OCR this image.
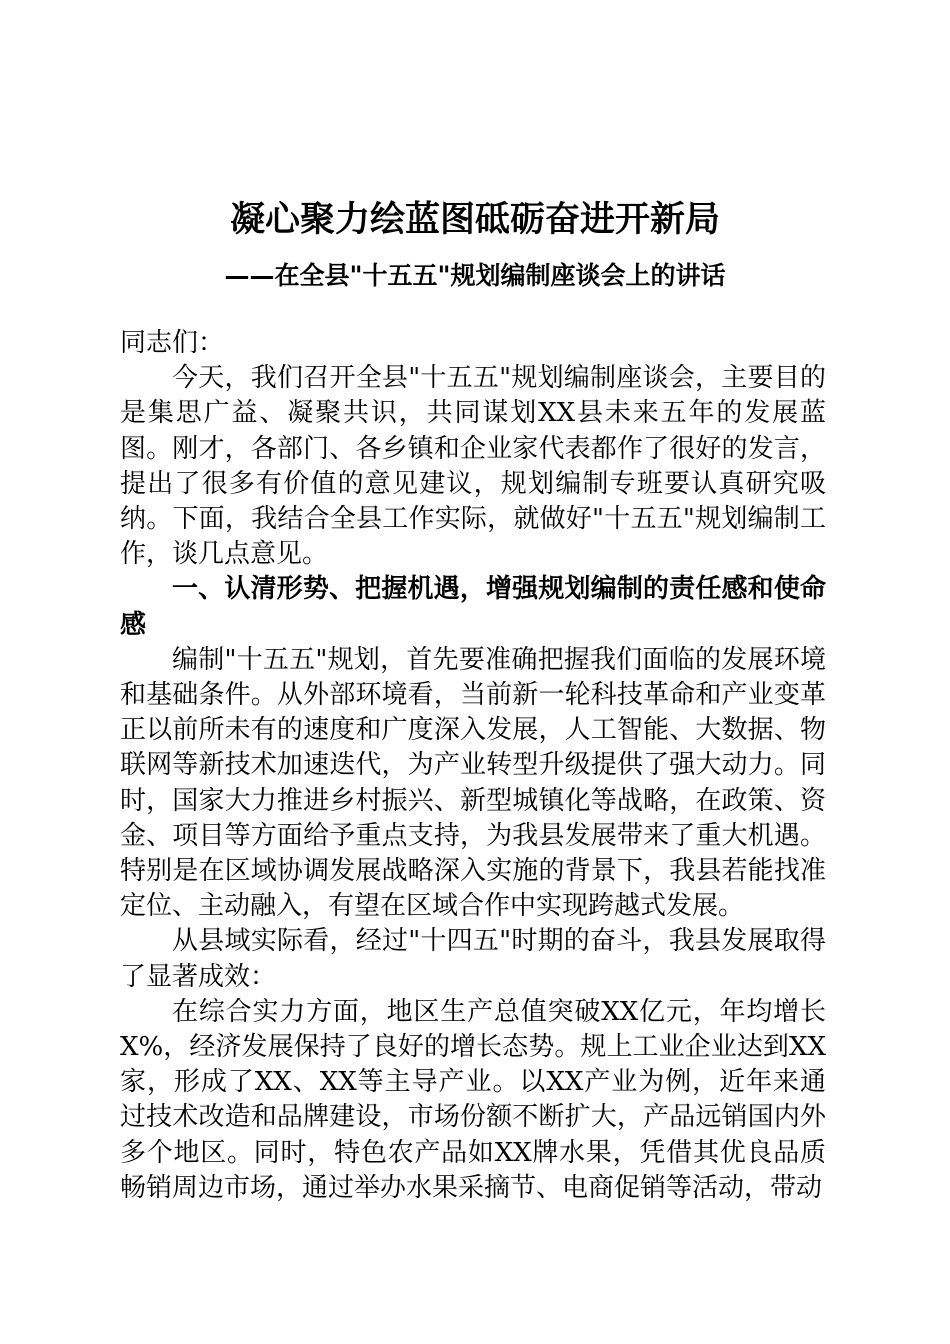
凝心聚力绘蓝图砥砺奋进开新局
——在全县"十五五"规划编制座谈会上的讲话

同志们：

今天，我们召开全县"十五五"规划编制座谈会，主要目的是集思广益、凝聚共识，共同谋划XX县未来五年的发展蓝图。刚才，各部门、各乡镇和企业家代表都作了很好的发言，提出了很多有价值的意见建议，规划编制专班要认真研究吸纳。下面，我结合全县工作实际，就做好"十五五"规划编制工作，谈几点意见。

一、认清形势、把握机遇，增强规划编制的责任感和使命感

编制"十五五"规划，首先要准确把握我们面临的发展环境和基础条件。从外部环境看，当前新一轮科技革命和产业变革正以前所未有的速度和广度深入发展，人工智能、大数据、物联网等新技术加速迭代，为产业转型升级提供了强大动力。同时，国家大力推进乡村振兴、新型城镇化等战略，在政策、资金、项目等方面给予重点支持，为我县发展带来了重大机遇。特别是在区域协调发展战略深入实施的背景下，我县若能找准定位、主动融入，有望在区域合作中实现跨越式发展。

从县域实际看，经过"十四五"时期的奋斗，我县发展取得了显著成效：

在综合实力方面，地区生产总值突破XX亿元，年均增长X%，经济发展保持了良好的增长态势。规上工业企业达到XX家，形成了XX、XX等主导产业。以XX产业为例，近年来通过技术改造和品牌建设，市场份额不断扩大，产品远销国内外多个地区。同时，特色农产品如XX牌水果，凭借其优良品质畅销周边市场，通过举办水果采摘节、电商促销等活动，带动
